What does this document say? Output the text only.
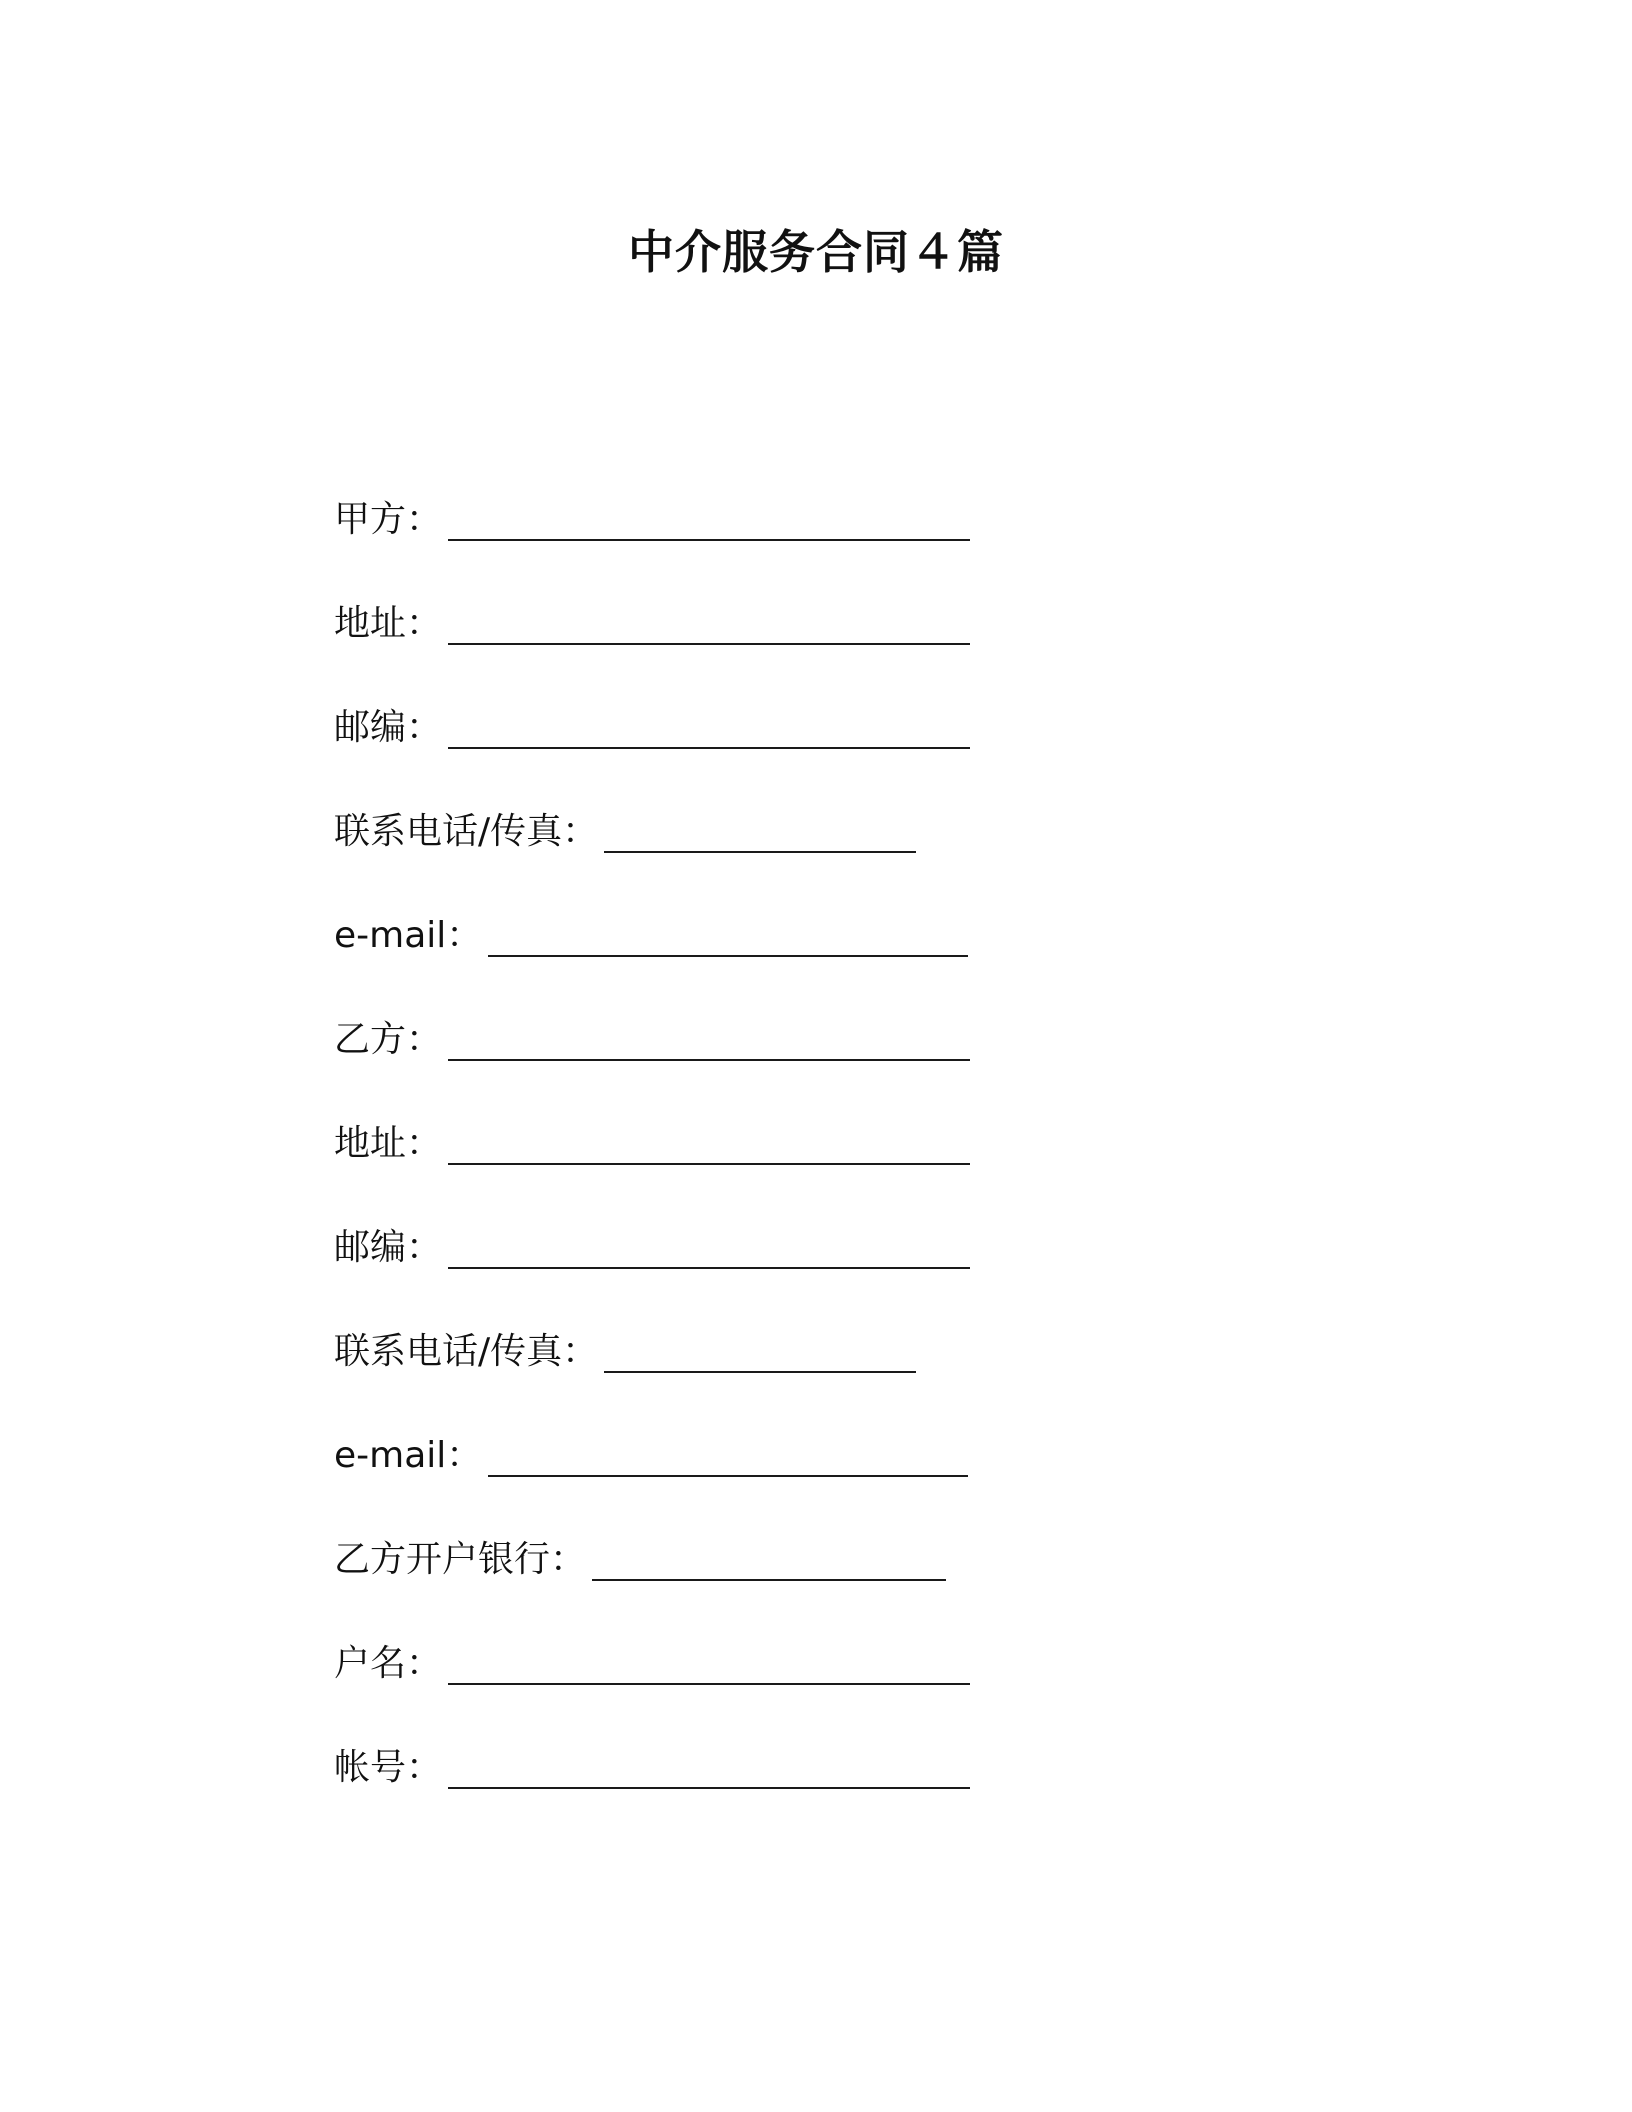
中介服务合同４篇
甲方：
地址：
邮编：
联系电话/传真：
e-mail：
乙方：
地址：
邮编：
联系电话/传真：
e-mail：
乙方开户银行：
户名：
帐号：
